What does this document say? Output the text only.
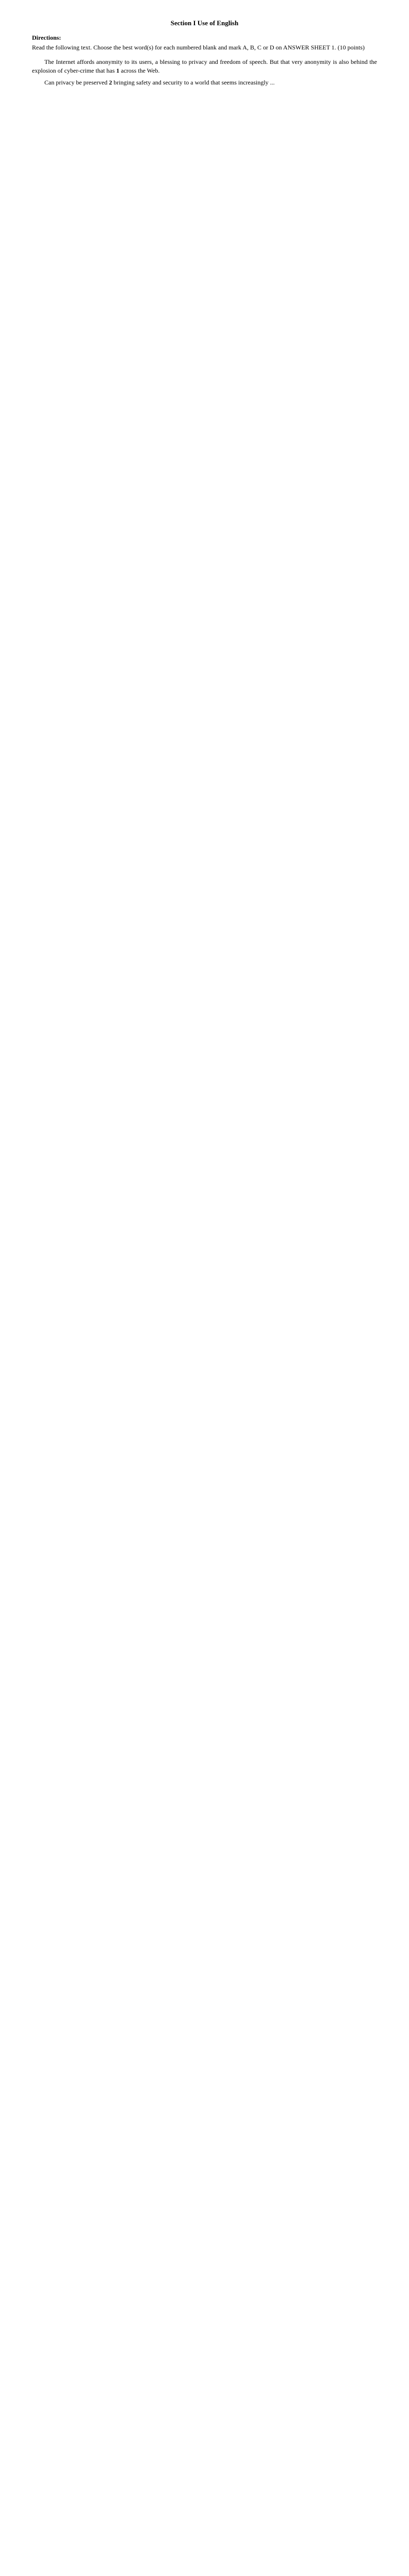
Section I Use of English
Directions:
Read the following text. Choose the best word(s) for each numbered blank and mark A, B, C or D on ANSWER SHEET 1. (10 points)

The Internet affords anonymity to its users, a blessing to privacy and freedom of speech. But that very anonymity is also behind the explosion of cyber-crime that has 1 across the Web.

Can privacy be preserved 2 bringing safety and security to a world that seems increasingly ...
